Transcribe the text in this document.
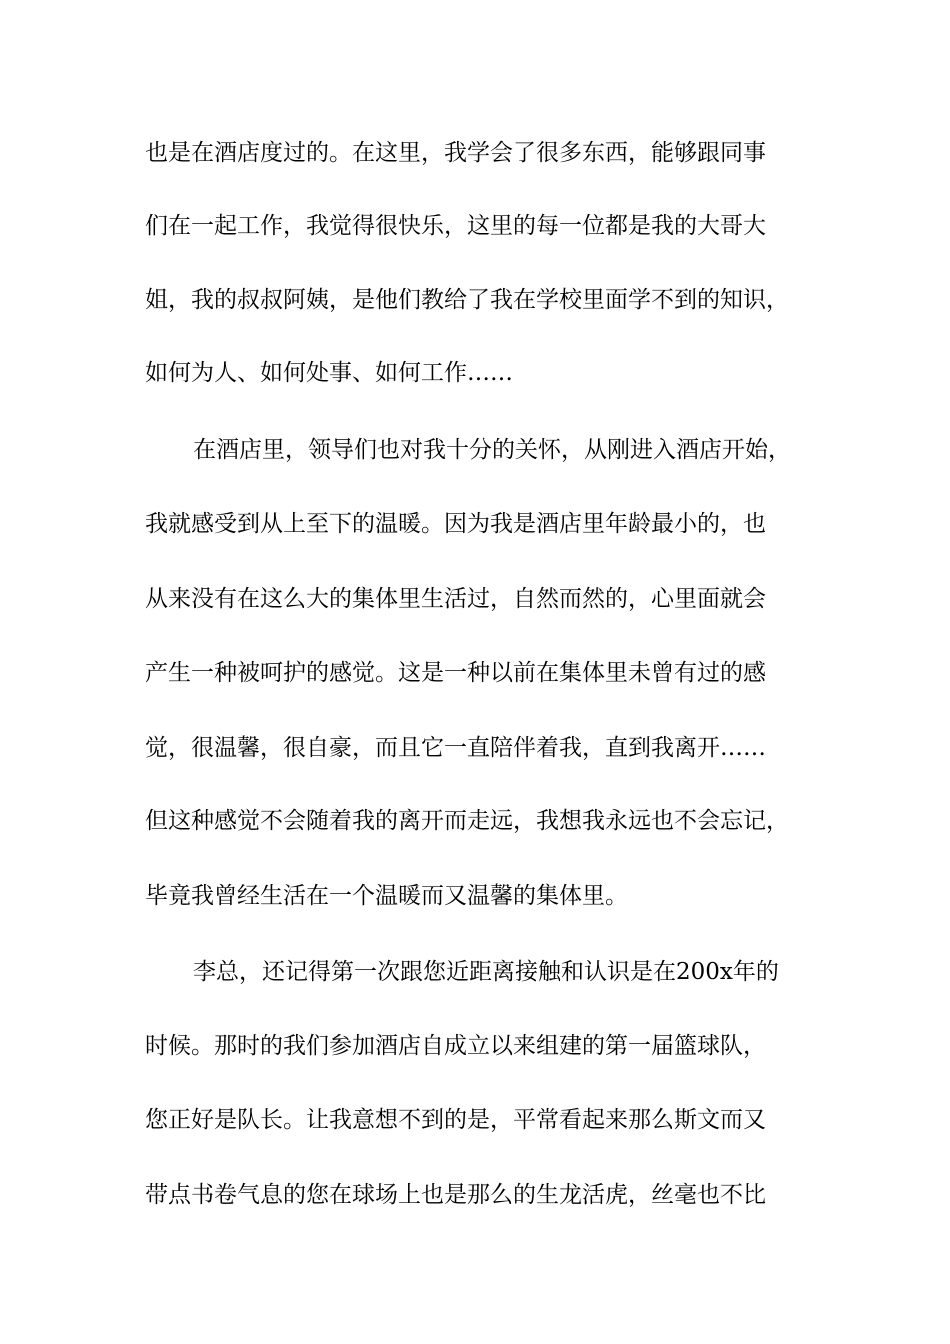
也是在酒店度过的。在这里，我学会了很多东西，能够跟同事
们在一起工作，我觉得很快乐，这里的每一位都是我的大哥大
姐，我的叔叔阿姨，是他们教给了我在学校里面学不到的知识，
如何为人、如何处事、如何工作……
在酒店里，领导们也对我十分的关怀，从刚进入酒店开始，
我就感受到从上至下的温暖。因为我是酒店里年龄最小的，也
从来没有在这么大的集体里生活过，自然而然的，心里面就会
产生一种被呵护的感觉。这是一种以前在集体里未曾有过的感
觉，很温馨，很自豪，而且它一直陪伴着我，直到我离开……
但这种感觉不会随着我的离开而走远，我想我永远也不会忘记，
毕竟我曾经生活在一个温暖而又温馨的集体里。
李总，还记得第一次跟您近距离接触和认识是在200x年的
时候。那时的我们参加酒店自成立以来组建的第一届篮球队，
您正好是队长。让我意想不到的是，平常看起来那么斯文而又
带点书卷气息的您在球场上也是那么的生龙活虎，丝毫也不比
